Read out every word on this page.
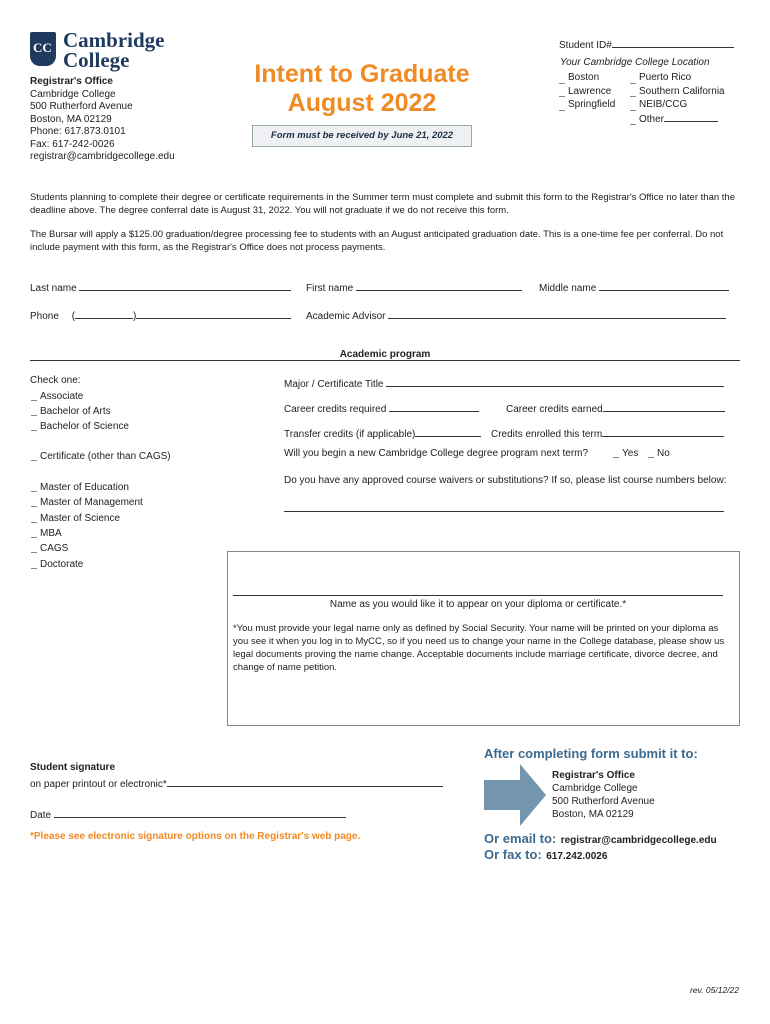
CC Cambridge
College
Registrar's Office
Cambridge College
500 Rutherford Avenue
Boston, MA 02129
Phone: 617.873.0101
Fax: 617-242-0026
registrar@cambridgecollege.edu
Intent to Graduate
August 2022
Form must be received by June 21, 2022
Student ID#
Your Cambridge College Location
Boston
Lawrence
Springfield
Puerto Rico
Southern California
NEIB/CCG
Other
Students planning to complete their degree or certificate requirements in the Summer term must complete and submit this form to the Registrar's Office no later than the deadline above. The degree conferral date is August 31, 2022. You will not graduate if we do not receive this form.
The Bursar will apply a $125.00 graduation/degree processing fee to students with an August anticipated graduation date. This is a one-time fee per conferral. Do not include payment with this form, as the Registrar's Office does not process payments.
Last name	First name	Middle name
Phone (	)	Academic Advisor
Academic program
Check one:
Associate
Bachelor of Arts
Bachelor of Science
Certificate (other than CAGS)
Master of Education
Master of Management
Master of Science
MBA
CAGS
Doctorate
Major / Certificate Title
Career credits required	Career credits earned
Transfer credits (if applicable)	Credits enrolled this term
Will you begin a new Cambridge College degree program next term?	Yes No
Do you have any approved course waivers or substitutions? If so, please list course numbers below:
Name as you would like it to appear on your diploma or certificate.*
*You must provide your legal name only as defined by Social Security. Your name will be printed on your diploma as you see it when you log in to MyCC, so if you need us to change your name in the College database, please show us legal documents proving the name change. Acceptable documents include marriage certificate, divorce decree, and change of name petition.
Student signature
on paper printout or electronic*
Date
*Please see electronic signature options on the Registrar's web page.
After completing form submit it to:
Registrar's Office
Cambridge College
500 Rutherford Avenue
Boston, MA 02129
Or email to: registrar@cambridgecollege.edu
Or fax to: 617.242.0026
rev. 05/12/22
